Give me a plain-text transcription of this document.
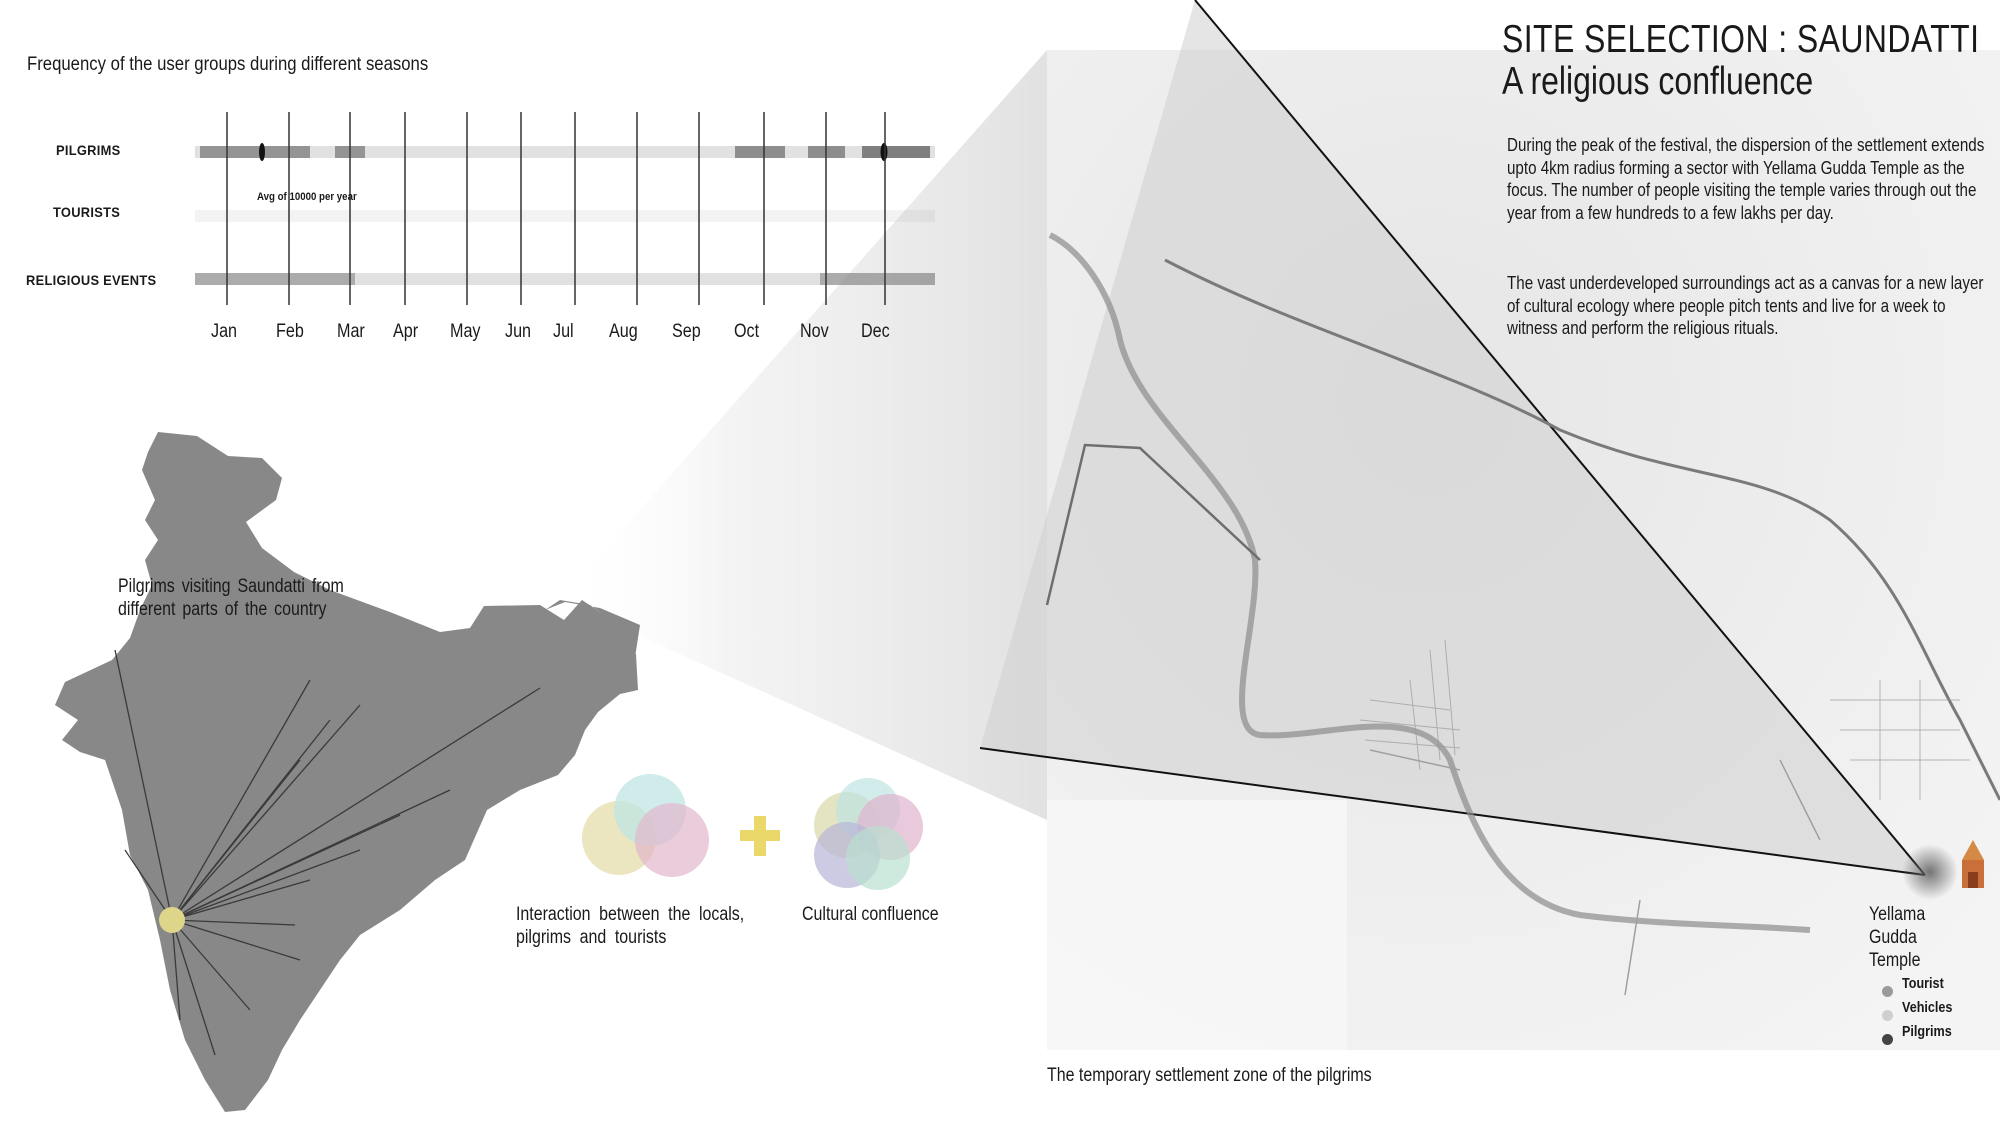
Frequency of the user groups during different seasons
Avg of 10000 per year
PILGRIMS
TOURISTS
RELIGIOUS EVENTS
Jan Feb Mar Apr May Jun Jul Aug Sep Oct Nov Dec
SITE SELECTION : SAUNDATTI
A religious confluence
During the peak of the festival, the dispersion of the settlement extends upto 4km radius forming a sector with Yellama Gudda Temple as the focus. The number of people visiting the temple varies through out the year from a few hundreds to a few lakhs per day.
The vast underdeveloped surroundings act as a canvas for a new layer of cultural ecology where people pitch tents and live for a week to witness and perform the religious rituals.
Pilgrims visiting Saundatti from different parts of the country
Interaction between the locals, pilgrims and tourists
Cultural confluence
The temporary settlement zone of the pilgrims
Yellama Gudda Temple
Tourist
Vehicles
Pilgrims
